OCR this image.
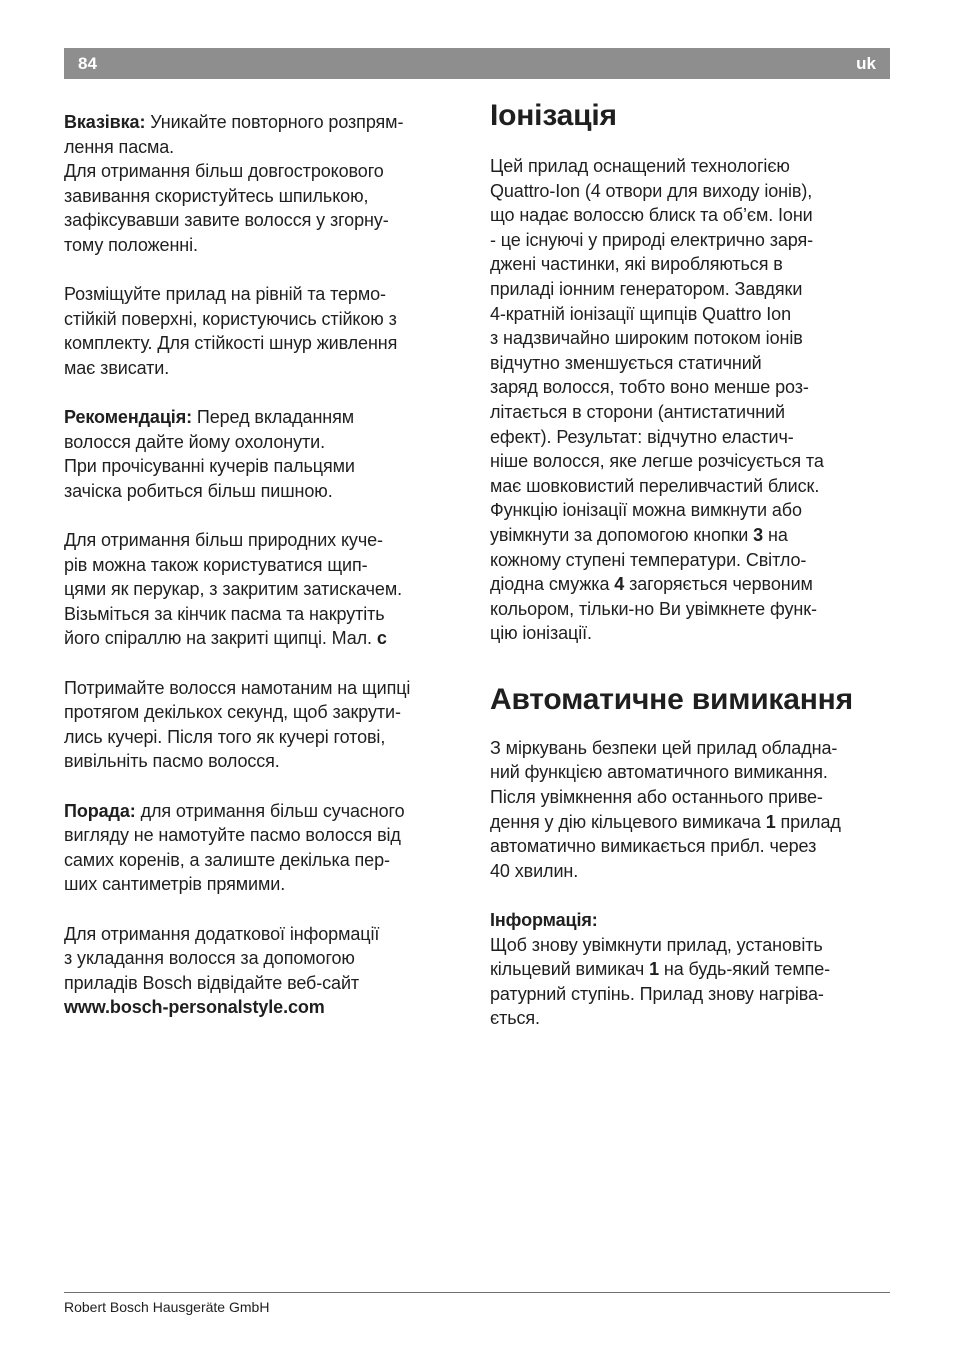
84	uk
Вказівка: Уникайте повторного розпрям-
лення пасма.
Для отримання більш довгострокового
завивання скористуйтесь шпилькою,
зафіксувавши завите волосся у згорну-
тому положенні.
Розміщуйте прилад на рівній та термо-
стійкій поверхні, користуючись стійкою з
комплекту. Для стійкості шнур живлення
має звисати.
Рекомендація: Перед вкладанням
волосся дайте йому охолонути.
При прочісуванні кучерів пальцями
зачіска робиться більш пишною.
Для отримання більш природних куче-
рів можна також користуватися щип-
цями як перукар, з закритим затискачем.
Візьміться за кінчик пасма та накрутіть
його спіраллю на закриті щипці. Мал. c
Потримайте волосся намотаним на щипці
протягом декількох секунд, щоб закрути-
лись кучері. Після того як кучері готові,
вивільніть пасмо волосся.
Порада: для отримання більш сучасного
вигляду не намотуйте пасмо волосся від
самих коренів, а залиште декілька пер-
ших сантиметрів прямими.
Для отримання додаткової інформації
з укладання волосся за допомогою
приладів Bosch відвідайте веб-сайт
www.bosch-personalstyle.com
Іонізація
Цей прилад оснащений технологією
Quattro-Ion (4 отвори для виходу іонів),
що надає волоссю блиск та об’єм. Іони
- це існуючі у природі електрично заря-
джені частинки, які виробляються в
приладі іонним генератором. Завдяки
4-кратній іонізації щипців Quattro Ion
з надзвичайно широким потоком іонів
відчутно зменшується статичний
заряд волосся, тобто воно менше роз-
літається в сторони (антистатичний
ефект). Результат: відчутно еластич-
ніше волосся, яке легше розчісується та
має шовковистий переливчастий блиск.
Функцію іонізації можна вимкнути або
увімкнути за допомогою кнопки 3 на
кожному ступені температури. Світло-
діодна смужка 4 загоряється червоним
кольором, тільки-но Ви увімкнете функ-
цію іонізації.
Автоматичне вимикання
З міркувань безпеки цей прилад обладна-
ний функцією автоматичного вимикання.
Після увімкнення або останнього приве-
дення у дію кільцевого вимикача 1 прилад
автоматично вимикається прибл. через
40 хвилин.
Інформація:
Щоб знову увімкнути прилад, установіть
кільцевий вимикач 1 на будь-який темпе-
ратурний ступінь. Прилад знову нагріва-
ється.
Robert Bosch Hausgeräte GmbH
